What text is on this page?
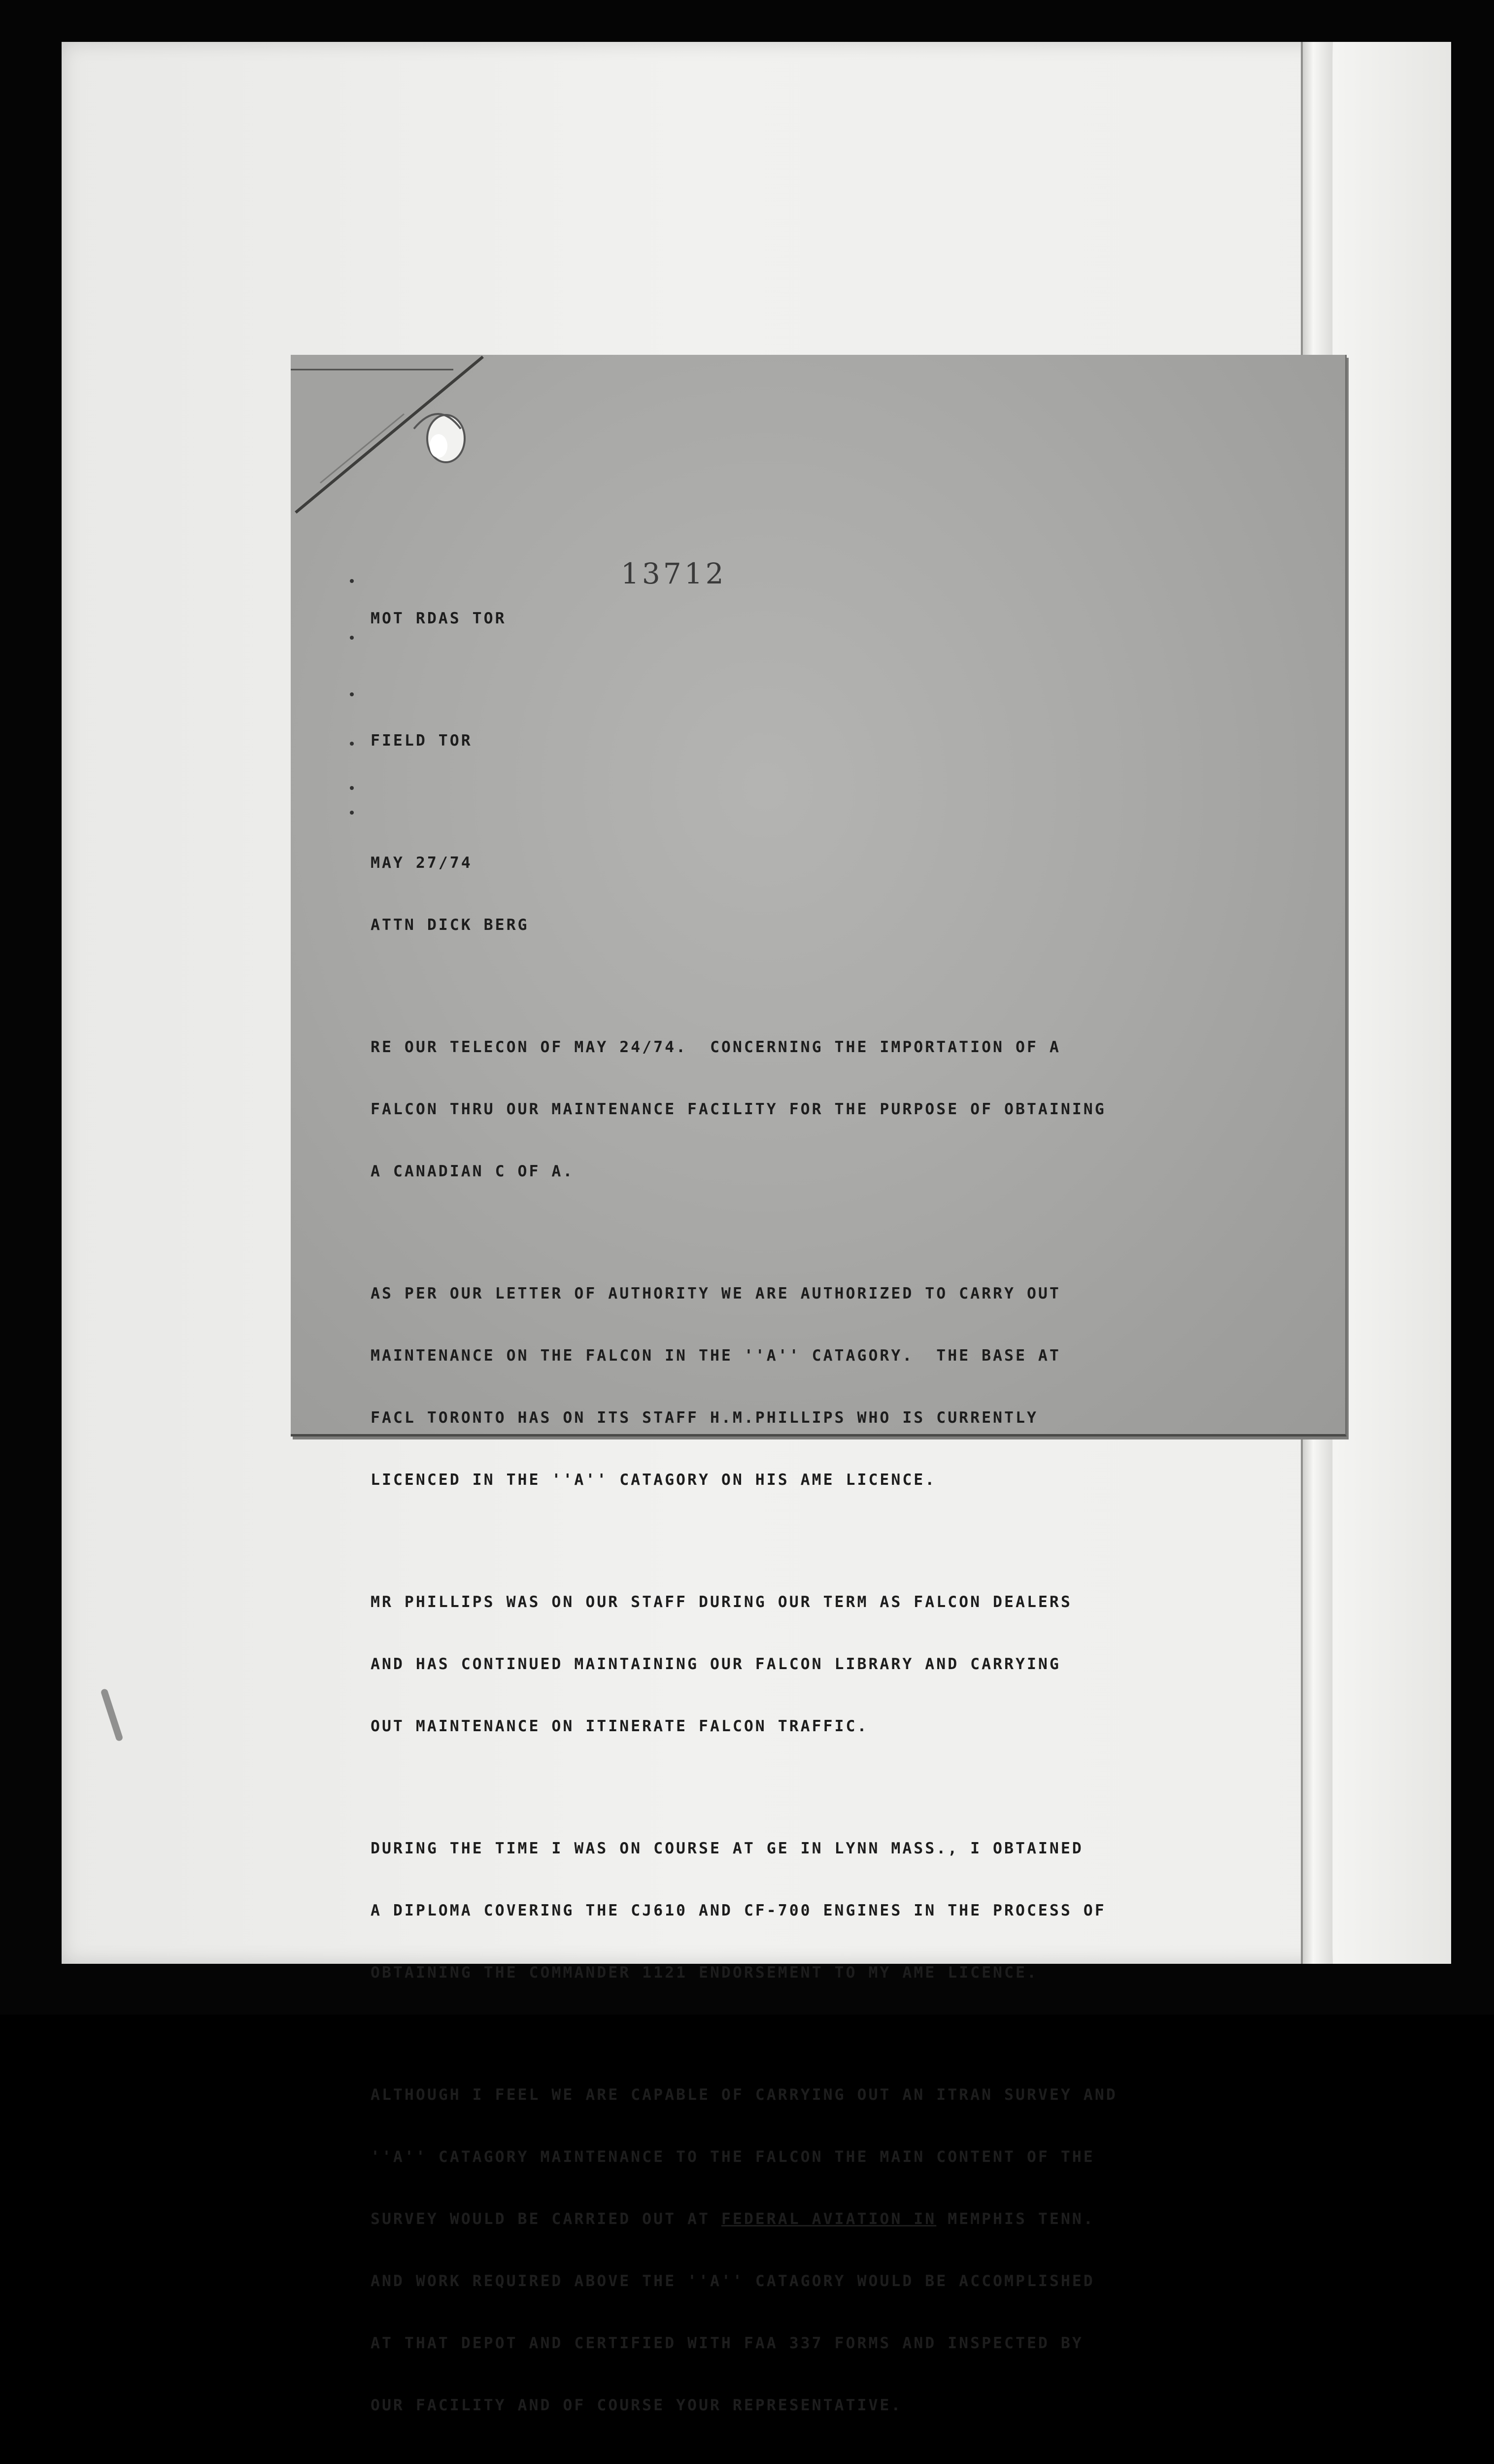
13712

MOT RDAS TOR

FIELD TOR

MAY 27/74

ATTN DICK BERG

RE OUR TELECON OF MAY 24/74.  CONCERNING THE IMPORTATION OF A

FALCON THRU OUR MAINTENANCE FACILITY FOR THE PURPOSE OF OBTAINING

A CANADIAN C OF A.

AS PER OUR LETTER OF AUTHORITY WE ARE AUTHORIZED TO CARRY OUT

MAINTENANCE ON THE FALCON IN THE ''A'' CATAGORY.  THE BASE AT

FACL TORONTO HAS ON ITS STAFF H.M.PHILLIPS WHO IS CURRENTLY

LICENCED IN THE ''A'' CATAGORY ON HIS AME LICENCE.

MR PHILLIPS WAS ON OUR STAFF DURING OUR TERM AS FALCON DEALERS

AND HAS CONTINUED MAINTAINING OUR FALCON LIBRARY AND CARRYING

OUT MAINTENANCE ON ITINERATE FALCON TRAFFIC.

DURING THE TIME I WAS ON COURSE AT GE IN LYNN MASS., I OBTAINED

A DIPLOMA COVERING THE CJ610 AND CF-700 ENGINES IN THE PROCESS OF

OBTAINING THE COMMANDER 1121 ENDORSEMENT TO MY AME LICENCE.

ALTHOUGH I FEEL WE ARE CAPABLE OF CARRYING OUT AN ITRAN SURVEY AND

''A'' CATAGORY MAINTENANCE TO THE FALCON THE MAIN CONTENT OF THE

SURVEY WOULD BE CARRIED OUT AT FEDERAL AVIATION IN MEMPHIS TENN.

AND WORK REQUIRED ABOVE THE ''A'' CATAGORY WOULD BE ACCOMPLISHED

AT THAT DEPOT AND CERTIFIED WITH FAA 337 FORMS AND INSPECTED BY

OUR FACILITY AND OF COURSE YOUR REPRESENTATIVE.
